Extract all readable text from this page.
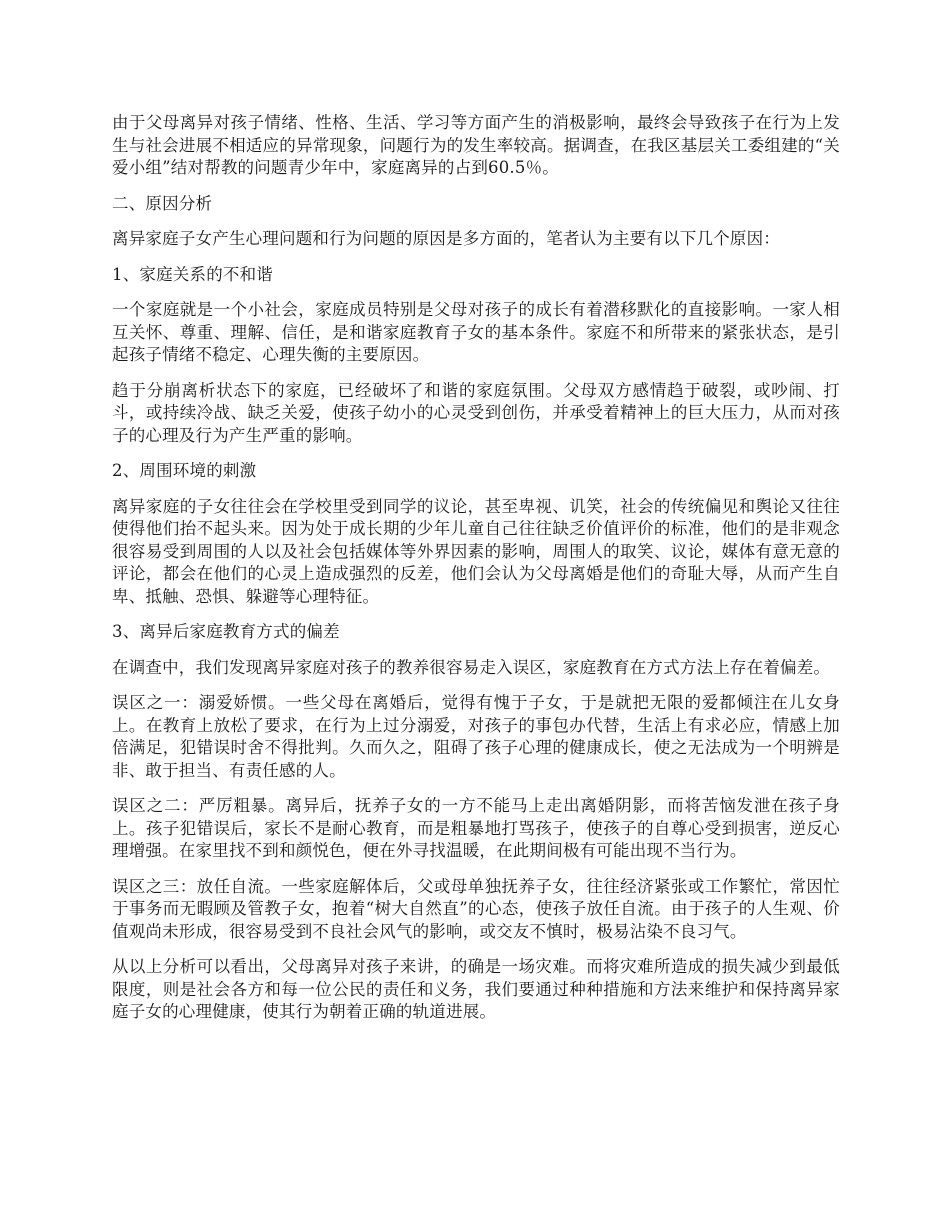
由于父母离异对孩子情绪、性格、生活、学习等方面产生的消极影响，最终会导致孩子在行为上发生与社会进展不相适应的异常现象，问题行为的发生率较高。据调查，在我区基层关工委组建的“关爱小组”结对帮教的问题青少年中，家庭离异的占到60.5％。

二、原因分析

离异家庭子女产生心理问题和行为问题的原因是多方面的，笔者认为主要有以下几个原因：

1、家庭关系的不和谐

一个家庭就是一个小社会，家庭成员特别是父母对孩子的成长有着潜移默化的直接影响。一家人相互关怀、尊重、理解、信任，是和谐家庭教育子女的基本条件。家庭不和所带来的紧张状态，是引起孩子情绪不稳定、心理失衡的主要原因。

趋于分崩离析状态下的家庭，已经破坏了和谐的家庭氛围。父母双方感情趋于破裂，或吵闹、打斗，或持续冷战、缺乏关爱，使孩子幼小的心灵受到创伤，并承受着精神上的巨大压力，从而对孩子的心理及行为产生严重的影响。

2、周围环境的刺激

离异家庭的子女往往会在学校里受到同学的议论，甚至卑视、讥笑，社会的传统偏见和舆论又往往使得他们抬不起头来。因为处于成长期的少年儿童自己往往缺乏价值评价的标准，他们的是非观念很容易受到周围的人以及社会包括媒体等外界因素的影响，周围人的取笑、议论，媒体有意无意的评论，都会在他们的心灵上造成强烈的反差，他们会认为父母离婚是他们的奇耻大辱，从而产生自卑、抵触、恐惧、躲避等心理特征。

3、离异后家庭教育方式的偏差

在调查中，我们发现离异家庭对孩子的教养很容易走入误区，家庭教育在方式方法上存在着偏差。

误区之一：溺爱娇惯。一些父母在离婚后，觉得有愧于子女，于是就把无限的爱都倾注在儿女身上。在教育上放松了要求，在行为上过分溺爱，对孩子的事包办代替，生活上有求必应，情感上加倍满足，犯错误时舍不得批判。久而久之，阻碍了孩子心理的健康成长，使之无法成为一个明辨是非、敢于担当、有责任感的人。

误区之二：严厉粗暴。离异后，抚养子女的一方不能马上走出离婚阴影，而将苦恼发泄在孩子身上。孩子犯错误后，家长不是耐心教育，而是粗暴地打骂孩子，使孩子的自尊心受到损害，逆反心理增强。在家里找不到和颜悦色，便在外寻找温暖，在此期间极有可能出现不当行为。

误区之三：放任自流。一些家庭解体后，父或母单独抚养子女，往往经济紧张或工作繁忙，常因忙于事务而无暇顾及管教子女，抱着“树大自然直”的心态，使孩子放任自流。由于孩子的人生观、价值观尚未形成，很容易受到不良社会风气的影响，或交友不慎时，极易沾染不良习气。

从以上分析可以看出，父母离异对孩子来讲，的确是一场灾难。而将灾难所造成的损失减少到最低限度，则是社会各方和每一位公民的责任和义务，我们要通过种种措施和方法来维护和保持离异家庭子女的心理健康，使其行为朝着正确的轨道进展。
